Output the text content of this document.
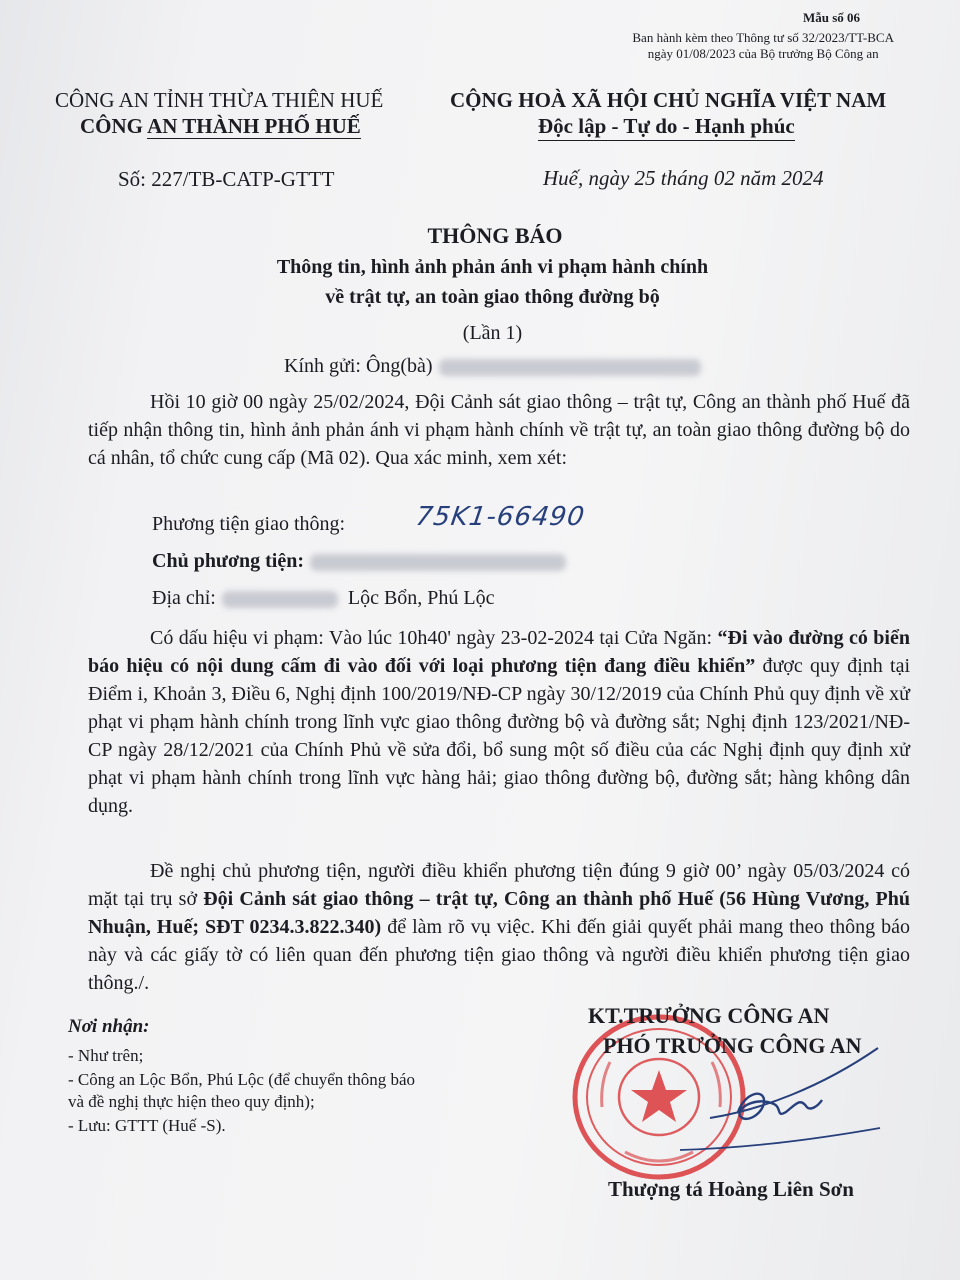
Mẫu số 06
Ban hành kèm theo Thông tư số 32/2023/TT-BCA
ngày 01/08/2023 của Bộ trưởng Bộ Công an
CÔNG AN TỈNH THỪA THIÊN HUẾ
CÔNG AN THÀNH PHỐ HUẾ
CỘNG HOÀ XÃ HỘI CHỦ NGHĨA VIỆT NAM
Độc lập - Tự do - Hạnh phúc
Số: 227/TB-CATP-GTTT	Huế, ngày 25 tháng 02 năm 2024
THÔNG BÁO
Thông tin, hình ảnh phản ánh vi phạm hành chính
về trật tự, an toàn giao thông đường bộ
(Lần 1)
Kính gửi: Ông(bà)
Hồi 10 giờ 00 ngày 25/02/2024, Đội Cảnh sát giao thông – trật tự, Công an thành phố Huế đã tiếp nhận thông tin, hình ảnh phản ánh vi phạm hành chính về trật tự, an toàn giao thông đường bộ do cá nhân, tổ chức cung cấp (Mã 02). Qua xác minh, xem xét:
Phương tiện giao thông:	75K1-66490
Chủ phương tiện:
Địa chỉ:	Lộc Bổn, Phú Lộc
Có dấu hiệu vi phạm: Vào lúc 10h40' ngày 23-02-2024 tại Cửa Ngăn: “Đi vào đường có biển báo hiệu có nội dung cấm đi vào đối với loại phương tiện đang điều khiển” được quy định tại Điểm i, Khoản 3, Điều 6, Nghị định 100/2019/NĐ-CP ngày 30/12/2019 của Chính Phủ quy định về xử phạt vi phạm hành chính trong lĩnh vực giao thông đường bộ và đường sắt; Nghị định 123/2021/NĐ-CP ngày 28/12/2021 của Chính Phủ về sửa đổi, bổ sung một số điều của các Nghị định quy định xử phạt vi phạm hành chính trong lĩnh vực hàng hải; giao thông đường bộ, đường sắt; hàng không dân dụng.
Đề nghị chủ phương tiện, người điều khiển phương tiện đúng 9 giờ 00’ ngày 05/03/2024 có mặt tại trụ sở Đội Cảnh sát giao thông – trật tự, Công an thành phố Huế (56 Hùng Vương, Phú Nhuận, Huế; SĐT 0234.3.822.340) để làm rõ vụ việc. Khi đến giải quyết phải mang theo thông báo này và các giấy tờ có liên quan đến phương tiện giao thông và người điều khiển phương tiện giao thông./.
Nơi nhận:
- Như trên;
- Công an Lộc Bổn, Phú Lộc (để chuyển thông báo
và đề nghị thực hiện theo quy định);
- Lưu: GTTT (Huế -S).
KT.TRƯỞNG CÔNG AN
PHÓ TRƯỞNG CÔNG AN
Thượng tá Hoàng Liên Sơn
